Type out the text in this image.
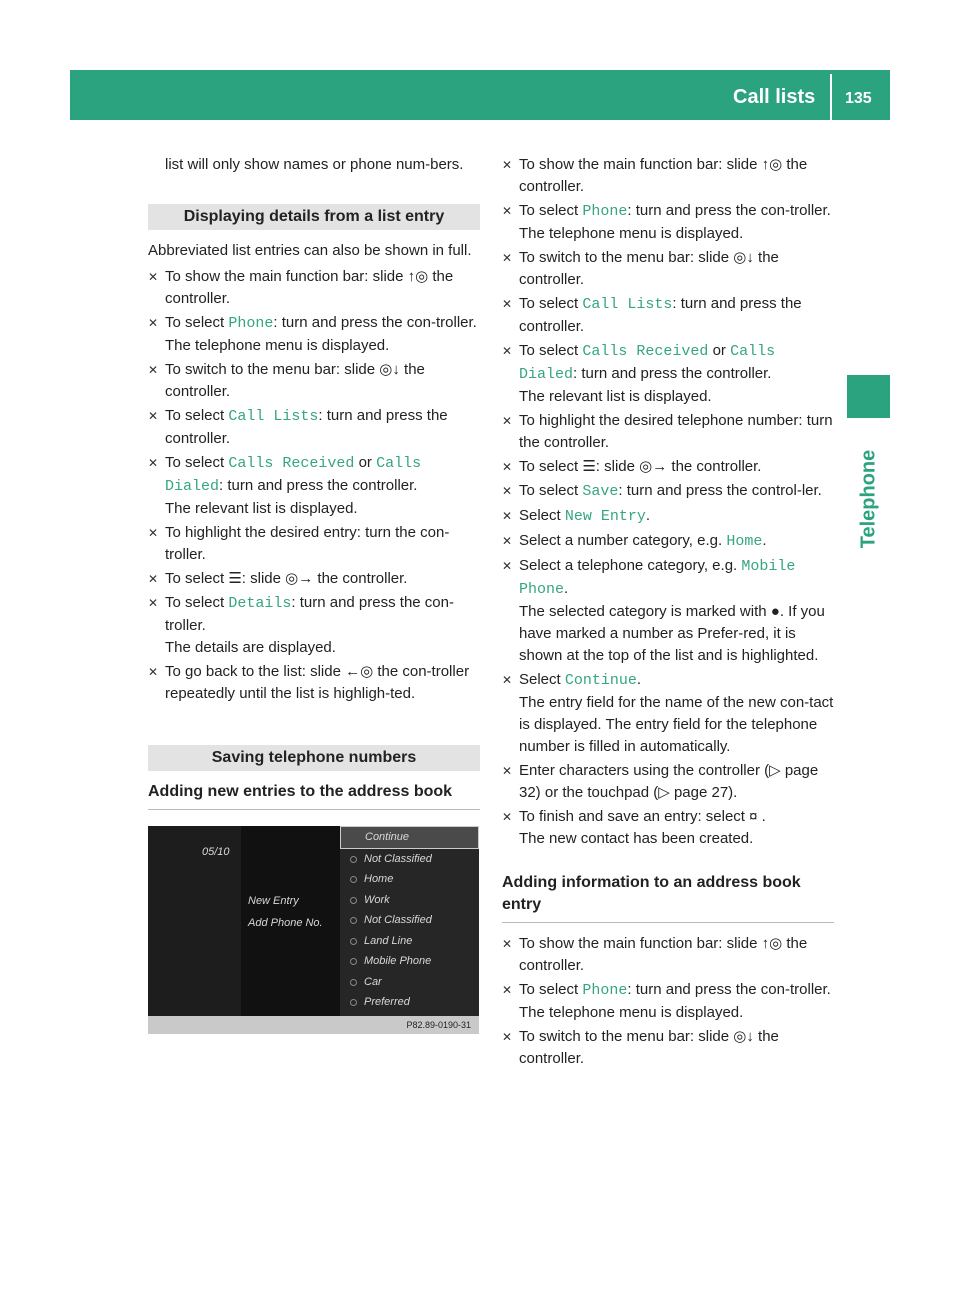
Call lists 135
Telephone

list will only show names or phone num-bers.

Displaying details from a list entry

Abbreviated list entries can also be shown in full.

✕ To show the main function bar: slide ↑◎ the controller.
✕ To select Phone: turn and press the con-troller.
The telephone menu is displayed.
✕ To switch to the menu bar: slide ◎↓ the controller.
✕ To select Call Lists: turn and press the controller.
✕ To select Calls Received or Calls Dialed: turn and press the controller.
The relevant list is displayed.
✕ To highlight the desired entry: turn the con-troller.
✕ To select ☰: slide ◎→ the controller.
✕ To select Details: turn and press the con-troller.
The details are displayed.
✕ To go back to the list: slide ←◎ the con-troller repeatedly until the list is highligh-ted.
Saving telephone numbers
Adding new entries to the address book
05/10
New Entry
Add Phone No.
Continue
Not Classified
Home
Work
Not Classified
Land Line
Mobile Phone
Car
Preferred
P82.89-0190-31
✕ To show the main function bar: slide ↑◎ the controller.
✕ To select Phone: turn and press the con-troller.
The telephone menu is displayed.
✕ To switch to the menu bar: slide ◎↓ the controller.
✕ To select Call Lists: turn and press the controller.
✕ To select Calls Received or Calls Dialed: turn and press the controller.
The relevant list is displayed.
✕ To highlight the desired telephone number: turn the controller.
✕ To select ☰: slide ◎→ the controller.
✕ To select Save: turn and press the control-ler.
✕ Select New Entry.
✕ Select a number category, e.g. Home.
✕ Select a telephone category, e.g. Mobile Phone.
The selected category is marked with ●. If you have marked a number as Prefer-red, it is shown at the top of the list and is highlighted.
✕ Select Continue.
The entry field for the name of the new con-tact is displayed. The entry field for the telephone number is filled in automatically.
✕ Enter characters using the controller (▷ page 32) or the touchpad (▷ page 27).
✕ To finish and save an entry: select ¤ .
The new contact has been created.
Adding information to an address book entry
✕ To show the main function bar: slide ↑◎ the controller.
✕ To select Phone: turn and press the con-troller.
The telephone menu is displayed.
✕ To switch to the menu bar: slide ◎↓ the controller.
